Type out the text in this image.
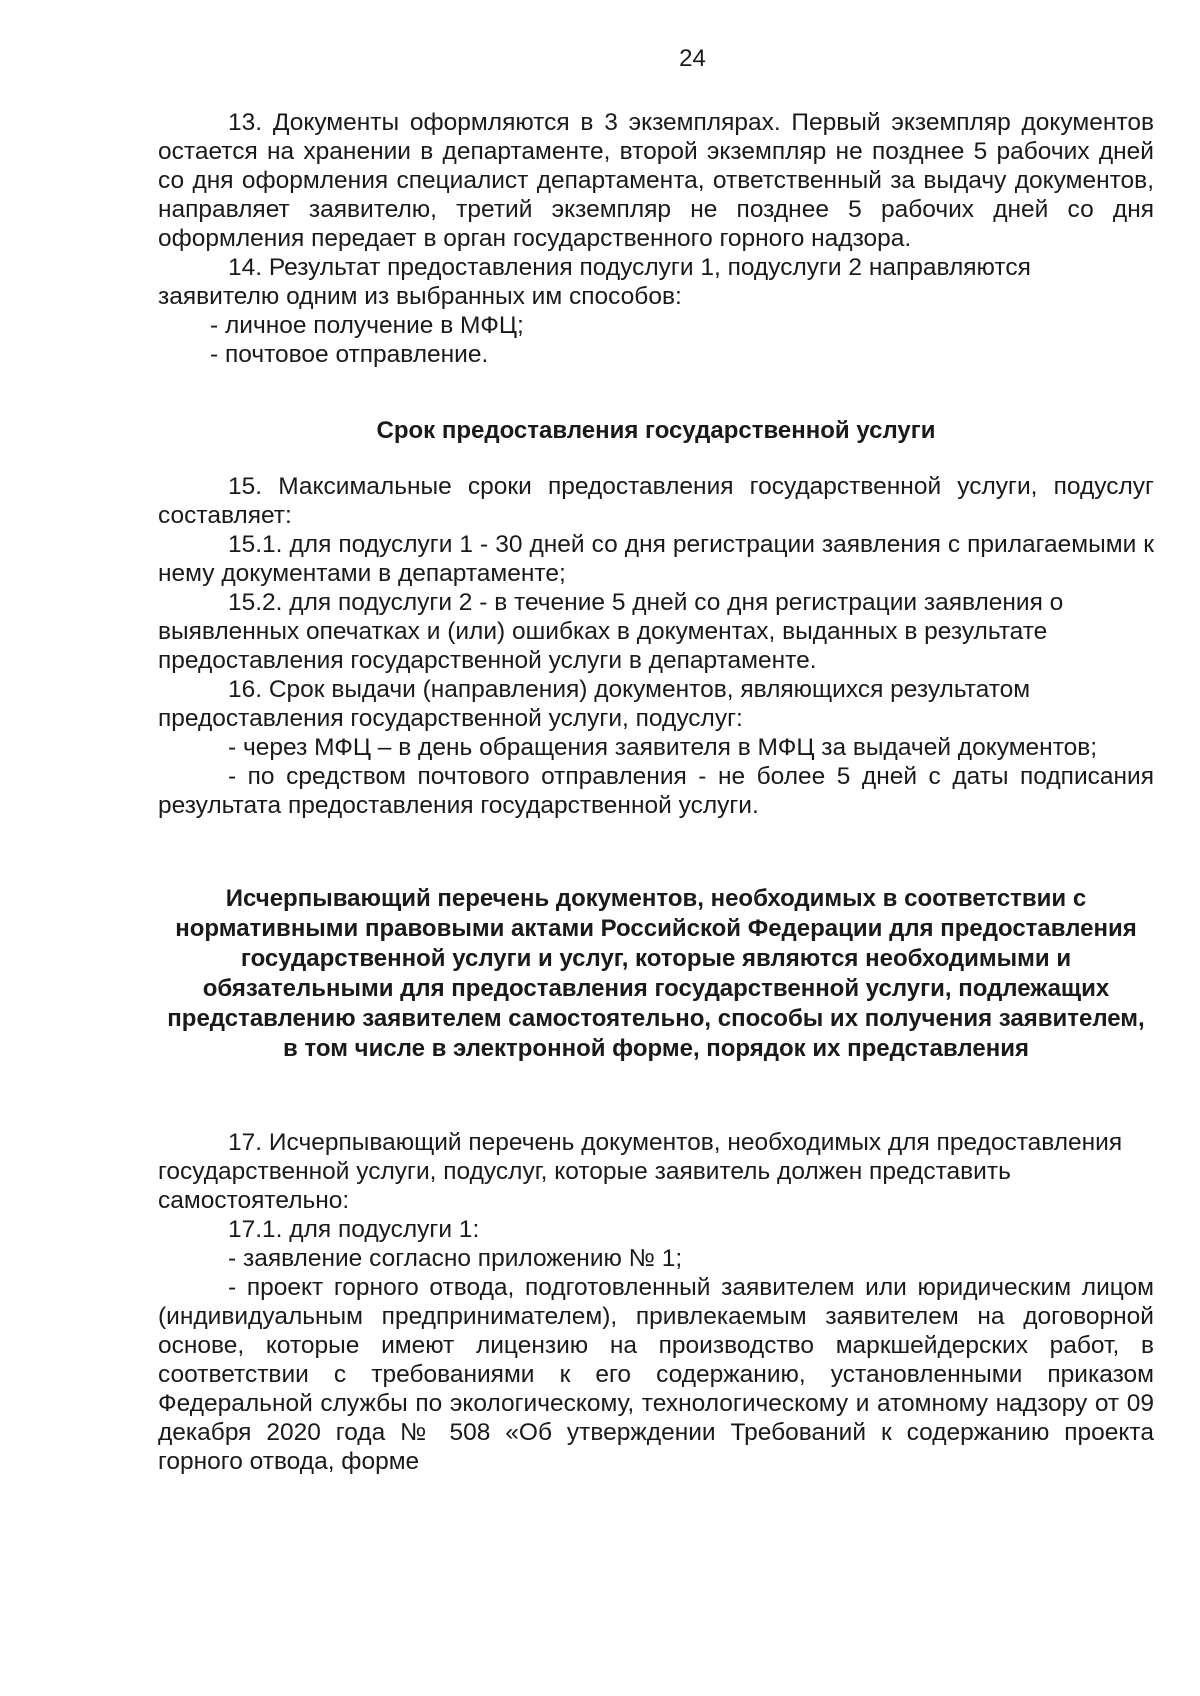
24

13. Документы оформляются в 3 экземплярах. Первый экземпляр документов остается на хранении в департаменте, второй экземпляр не позднее 5 рабочих дней со дня оформления специалист департамента, ответственный за выдачу документов, направляет заявителю, третий экземпляр не позднее 5 рабочих дней со дня оформления передает в орган государственного горного надзора.

14. Результат предоставления подуслуги 1, подуслуги 2 направляются заявителю одним из выбранных им способов:

- личное получение в МФЦ;

- почтовое отправление.

Срок предоставления государственной услуги

15. Максимальные сроки предоставления государственной услуги, подуслуг составляет:

15.1. для подуслуги 1 - 30 дней со дня регистрации заявления с прилагаемыми к нему документами в департаменте;

15.2. для подуслуги 2 - в течение 5 дней со дня регистрации заявления о выявленных опечатках и (или) ошибках в документах, выданных в результате предоставления государственной услуги в департаменте.

16. Срок выдачи (направления) документов, являющихся результатом предоставления государственной услуги, подуслуг:

- через МФЦ – в день обращения заявителя в МФЦ за выдачей документов;

- по средством почтового отправления - не более 5 дней с даты подписания результата предоставления государственной услуги.

Исчерпывающий перечень документов, необходимых в соответствии с нормативными правовыми актами Российской Федерации для предоставления государственной услуги и услуг, которые являются необходимыми и обязательными для предоставления государственной услуги, подлежащих представлению заявителем самостоятельно, способы их получения заявителем, в том числе в электронной форме, порядок их представления

17. Исчерпывающий перечень документов, необходимых для предоставления государственной услуги, подуслуг, которые заявитель должен представить самостоятельно:

17.1. для подуслуги 1:

- заявление согласно приложению № 1;

- проект горного отвода, подготовленный заявителем или юридическим лицом (индивидуальным предпринимателем), привлекаемым заявителем на договорной основе, которые имеют лицензию на производство маркшейдерских работ, в соответствии с требованиями к его содержанию, установленными приказом Федеральной службы по экологическому, технологическому и атомному надзору от 09 декабря 2020 года № 508 «Об утверждении Требований к содержанию проекта горного отвода, форме
